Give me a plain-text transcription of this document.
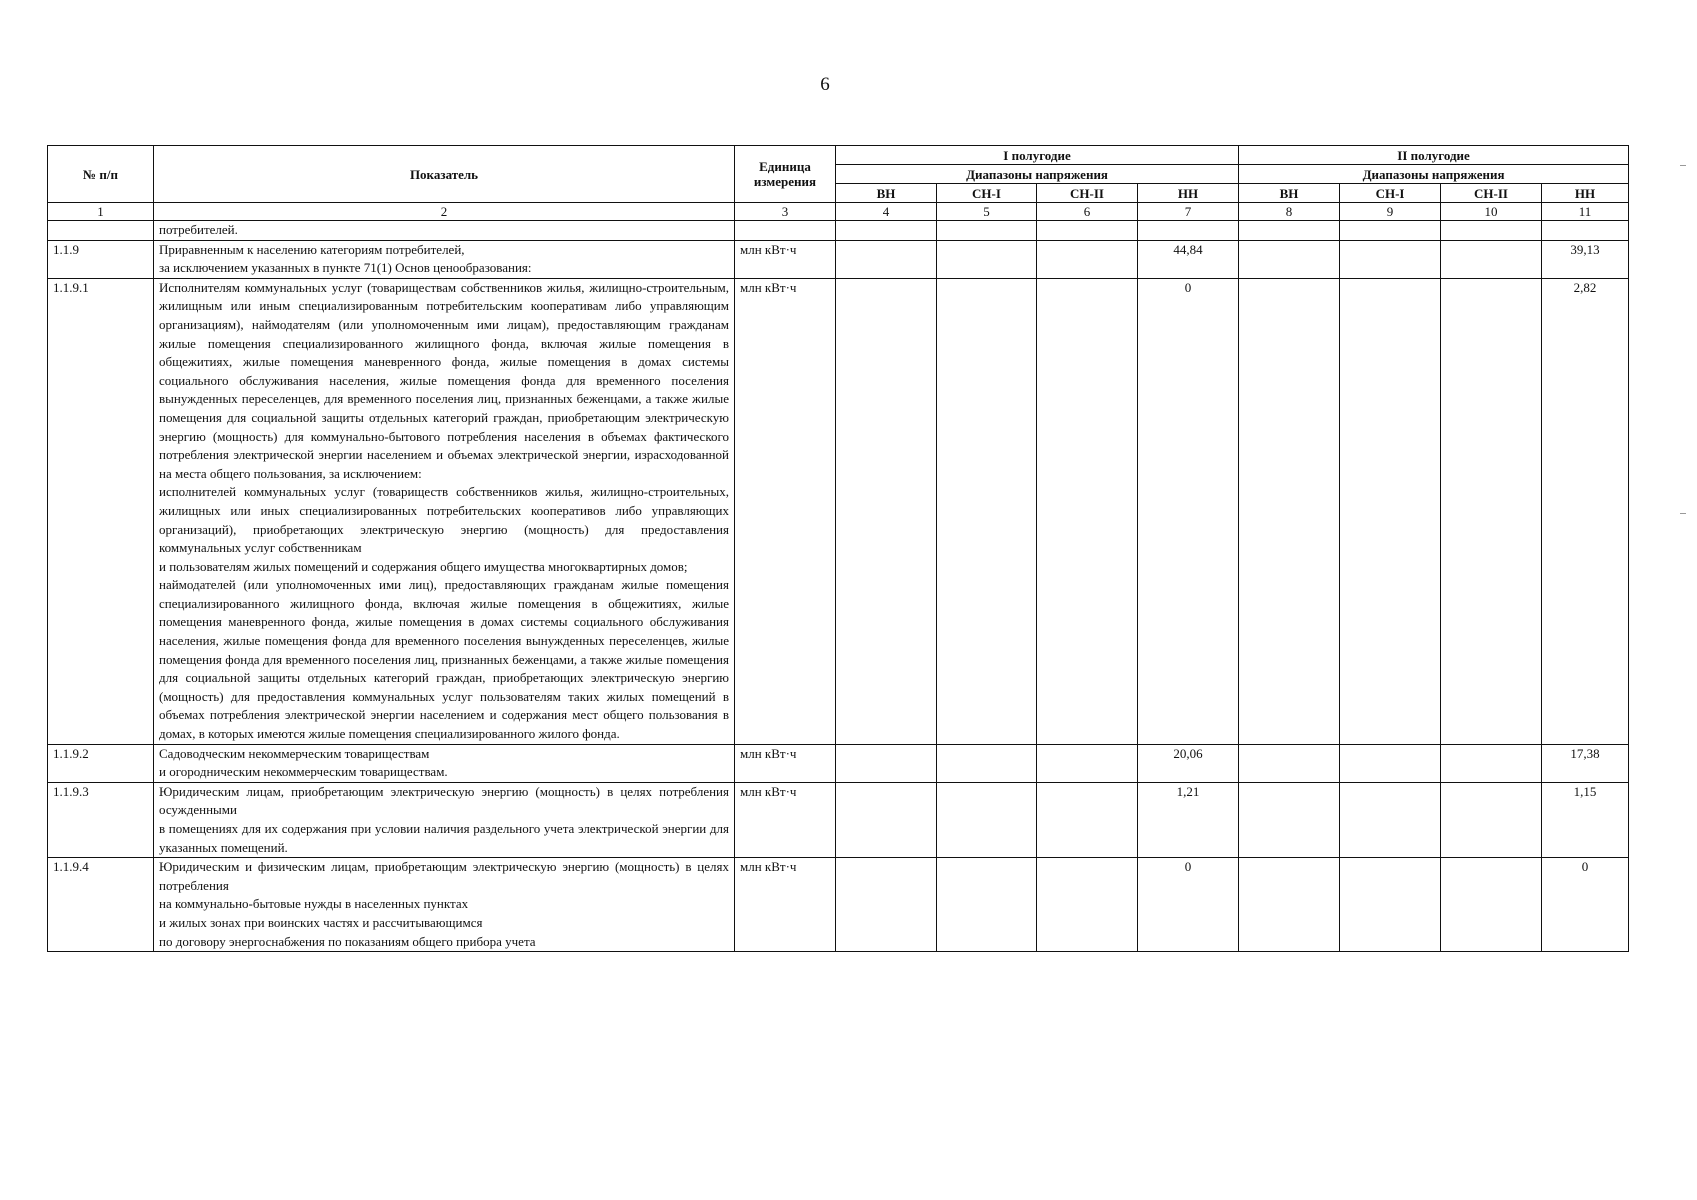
6
№ п/п	Показатель	Единица измерения	I полугодие				II полугодие			
			Диапазоны напряжения				Диапазоны напряжения			
			ВН	СН-I	СН-II	НН	ВН	СН-I	СН-II	НН
1	2	3	4	5	6	7	8	9	10	11
	потребителей.									
1.1.9	Приравненным к населению категориям потребителей,
за исключением указанных в пункте 71(1) Основ ценообразования:	млн кВт·ч				44,84				39,13
1.1.9.1	Исполнителям коммунальных услуг (товариществам собственников жилья, жилищно-строительным, жилищным или иным специализированным потребительским кооперативам либо управляющим организациям), наймодателям (или уполномоченным ими лицам), предоставляющим гражданам жилые помещения специализированного жилищного фонда, включая жилые помещения в общежитиях, жилые помещения маневренного фонда, жилые помещения в домах системы социального обслуживания населения, жилые помещения фонда для временного поселения вынужденных переселенцев, для временного поселения лиц, признанных беженцами, а также жилые помещения для социальной защиты отдельных категорий граждан, приобретающим электрическую энергию (мощность) для коммунально-бытового потребления населения в объемах фактического потребления электрической энергии населением и объемах электрической энергии, израсходованной на места общего пользования, за исключением:
исполнителей коммунальных услуг (товариществ собственников жилья, жилищно-строительных, жилищных или иных специализированных потребительских кооперативов либо управляющих организаций), приобретающих электрическую энергию (мощность) для предоставления коммунальных услуг собственникам
и пользователям жилых помещений и содержания общего имущества многоквартирных домов;
наймодателей (или уполномоченных ими лиц), предоставляющих гражданам жилые помещения специализированного жилищного фонда, включая жилые помещения в общежитиях, жилые помещения маневренного фонда, жилые помещения в домах системы социального обслуживания населения, жилые помещения фонда для временного поселения вынужденных переселенцев, жилые помещения фонда для временного поселения лиц, признанных беженцами, а также жилые помещения для социальной защиты отдельных категорий граждан, приобретающих электрическую энергию (мощность) для предоставления коммунальных услуг пользователям таких жилых помещений в объемах потребления электрической энергии населением и содержания мест общего пользования в домах, в которых имеются жилые помещения специализированного жилого фонда.	млн кВт·ч				0				2,82
1.1.9.2	Садоводческим некоммерческим товариществам
и огородническим некоммерческим товариществам.	млн кВт·ч				20,06				17,38
1.1.9.3	Юридическим лицам, приобретающим электрическую энергию (мощность) в целях потребления осужденными
в помещениях для их содержания при условии наличия раздельного учета электрической энергии для указанных помещений.	млн кВт·ч				1,21				1,15
1.1.9.4	Юридическим и физическим лицам, приобретающим электрическую энергию (мощность) в целях потребления
на коммунально-бытовые нужды в населенных пунктах
и жилых зонах при воинских частях и рассчитывающимся
по договору энергоснабжения по показаниям общего прибора учета	млн кВт·ч				0				0
